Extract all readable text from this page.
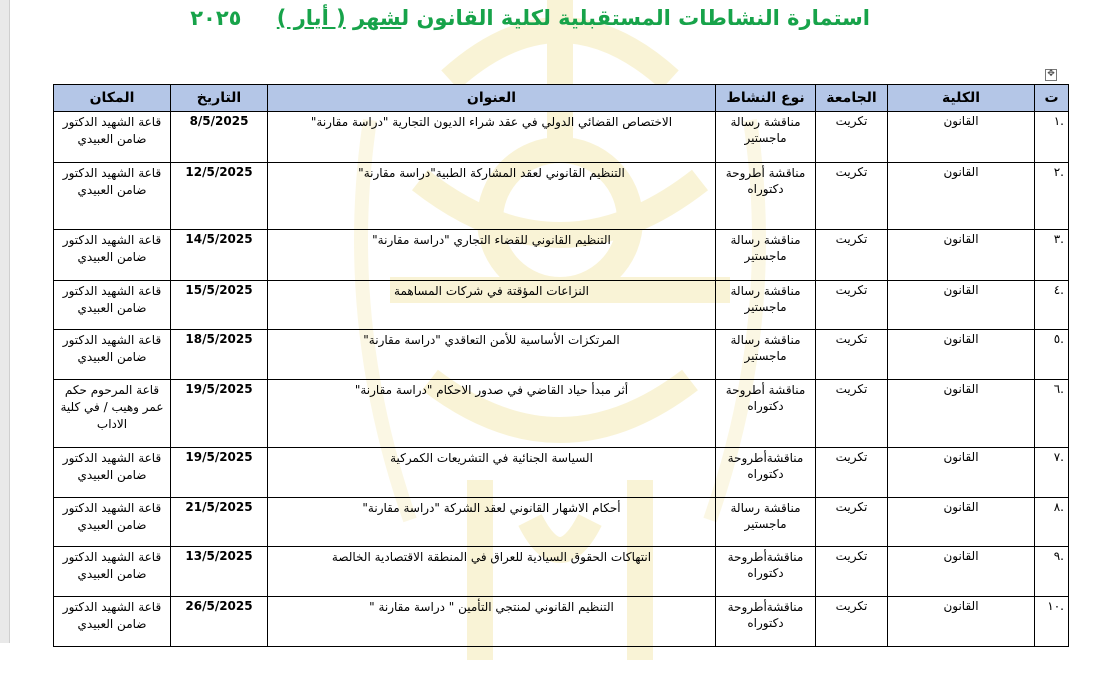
استمارة النشاطات المستقبلية لكلية القانون لشهر ( أيار ) ٢٠٢٥
✥
ت	الكلية	الجامعة	نوع النشاط	العنوان	التاريخ	المكان
.١	القانون	تكريت	مناقشة رسالة ماجستير	الاختصاص القضائي الدولي في عقد شراء الديون التجارية "دراسة مقارنة"	8/5/2025	قاعة الشهيد الدكتور ضامن العبيدي
.٢	القانون	تكريت	مناقشة أطروحة دكتوراه	التنظيم القانوني لعقد المشاركة الطبية"دراسة مقارنة"	12/5/2025	قاعة الشهيد الدكتور ضامن العبيدي
.٣	القانون	تكريت	مناقشة رسالة ماجستير	التنظيم القانوني للقضاء التجاري "دراسة مقارنة"	14/5/2025	قاعة الشهيد الدكتور ضامن العبيدي
.٤	القانون	تكريت	مناقشة رسالة ماجستير	النزاعات المؤقتة في شركات المساهمة	15/5/2025	قاعة الشهيد الدكتور ضامن العبيدي
.٥	القانون	تكريت	مناقشة رسالة ماجستير	المرتكزات الأساسية للأمن التعاقدي "دراسة مقارنة"	18/5/2025	قاعة الشهيد الدكتور ضامن العبيدي
.٦	القانون	تكريت	مناقشة أطروحة دكتوراه	أثر مبدأ حياد القاضي في صدور الاحكام "دراسة مقارنة"	19/5/2025	قاعة المرحوم حكم عمر وهيب / في كلية الاداب
.٧	القانون	تكريت	مناقشةأطروحة دكتوراه	السياسة الجنائية في التشريعات الكمركية	19/5/2025	قاعة الشهيد الدكتور ضامن العبيدي
.٨	القانون	تكريت	مناقشة رسالة ماجستير	أحكام الاشهار القانوني لعقد الشركة "دراسة مقارنة"	21/5/2025	قاعة الشهيد الدكتور ضامن العبيدي
.٩	القانون	تكريت	مناقشةأطروحة دكتوراه	انتهاكات الحقوق السيادية للعراق في المنطقة الاقتصادية الخالصة	13/5/2025	قاعة الشهيد الدكتور ضامن العبيدي
.١٠	القانون	تكريت	مناقشةأطروحة دكتوراه	التنظيم القانوني لمنتجي التأمين " دراسة مقارنة "	26/5/2025	قاعة الشهيد الدكتور ضامن العبيدي
